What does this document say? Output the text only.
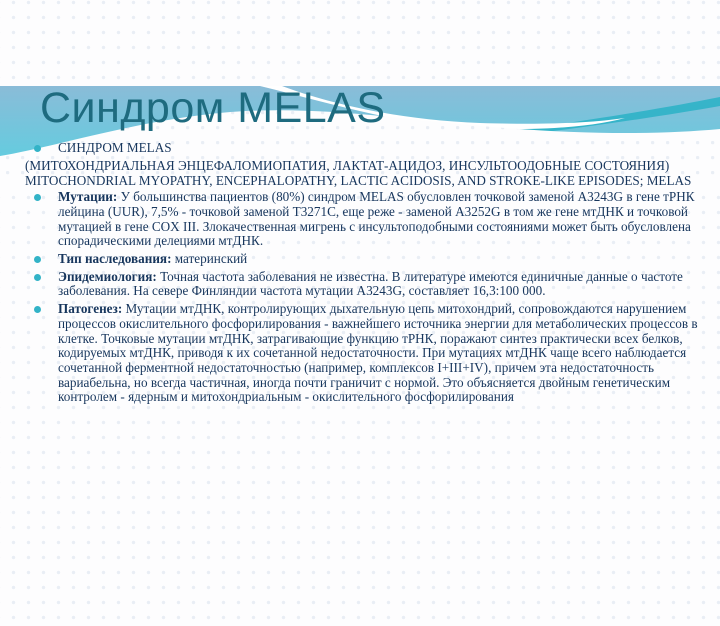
Синдром MELAS
СИНДРОМ MELAS
(МИТОХОНДРИАЛЬНАЯ ЭНЦЕФАЛОМИОПАТИЯ, ЛАКТАТ-АЦИДОЗ, ИНСУЛЬТООДОБНЫЕ СОСТОЯНИЯ)
MITOCHONDRIAL MYOPATHY, ENCEPHALOPATHY, LACTIC ACIDOSIS, AND STROKE-LIKE EPISODES; MELAS
Мутации: У большинства пациентов (80%) синдром MELAS обусловлен точковой заменой A3243G в гене тРНК лейцина (UUR), 7,5% - точковой заменой T3271C, еще реже - заменой A3252G в том же гене мтДНК и точковой мутацией в гене COX III. Злокачественная мигрень с инсультоподобными состояниями может быть обусловлена спорадическими делециями мтДНК.
Тип наследования: материнский
Эпидемиология: Точная частота заболевания не известна. В литературе имеются единичные данные о частоте заболевания. На севере Финляндии частота мутации A3243G, составляет 16,3:100 000.
Патогенез: Мутации мтДНК, контролирующих дыхательную цепь митохондрий, сопровождаются нарушением процессов окислительного фосфорилирования - важнейшего источника энергии для метаболических процессов в клетке. Точковые мутации мтДНК, затрагивающие функцию тРНК, поражают синтез практически всех белков, кодируемых мтДНК, приводя к их сочетанной недостаточности. При мутациях мтДНК чаще всего наблюдается сочетанной ферментной недостаточностью (например, комплексов I+III+IV), причем эта недостаточность вариабельна, но всегда частичная, иногда почти граничит с нормой. Это объясняется двойным генетическим контролем - ядерным и митохондриальным - окислительного фосфорилирования
